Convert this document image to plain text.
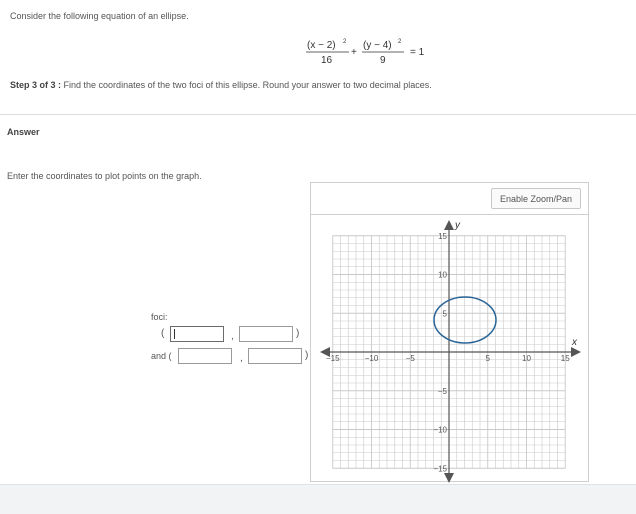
Consider the following equation of an ellipse.
(x − 2) 2
16
+
(y − 4) 2
9
= 1
Step 3 of 3 : Find the coordinates of the two foci of this ellipse. Round your answer to two decimal places.
Answer
Enter the coordinates to plot points on the graph.
foci:
(	,	)
and (	,	)
Enable Zoom/Pan
x
y
−15	−10	−5	5	10	15
15
10
5
−5
−10
−15
